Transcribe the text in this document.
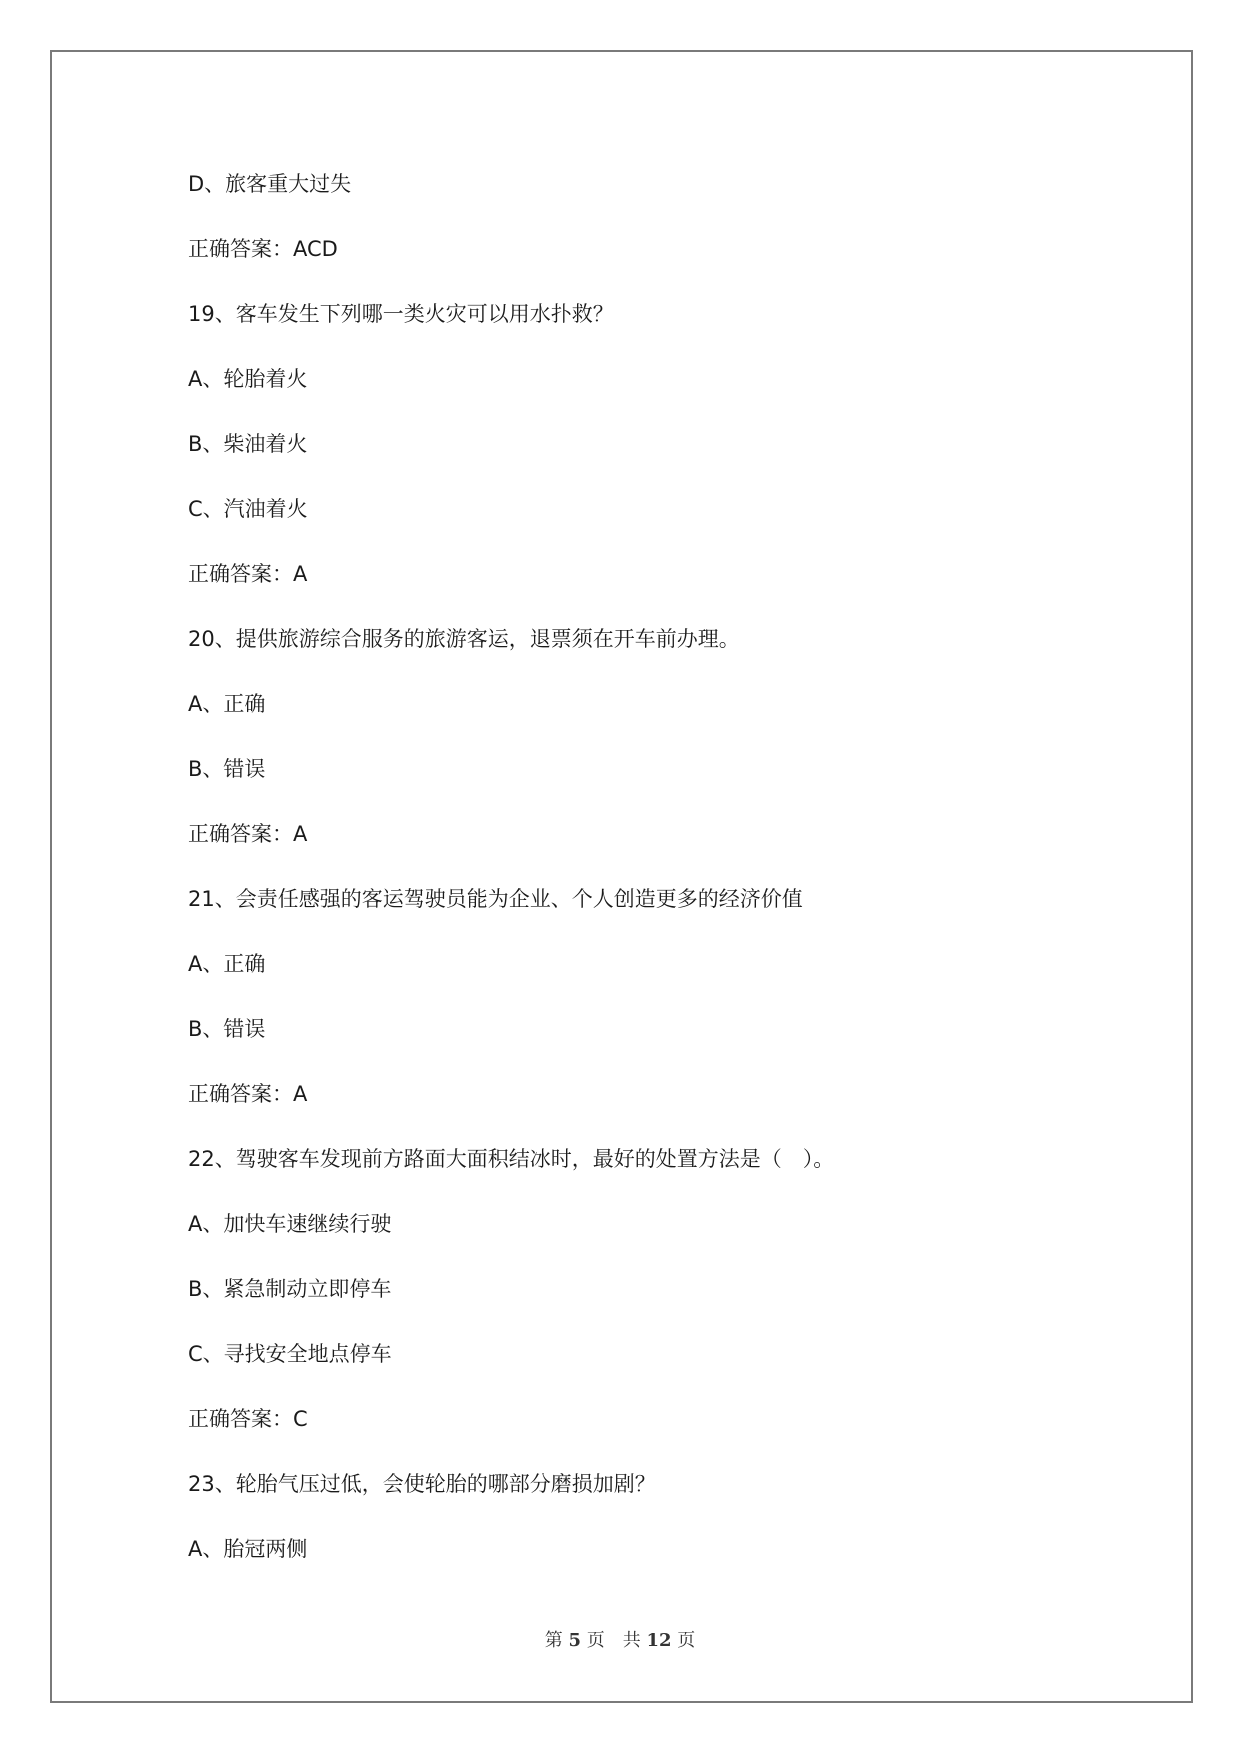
D、旅客重大过失
正确答案：ACD
19、客车发生下列哪一类火灾可以用水扑救？
A、轮胎着火
B、柴油着火
C、汽油着火
正确答案：A
20、提供旅游综合服务的旅游客运，退票须在开车前办理。
A、正确
B、错误
正确答案：A
21、会责任感强的客运驾驶员能为企业、个人创造更多的经济价值
A、正确
B、错误
正确答案：A
22、驾驶客车发现前方路面大面积结冰时，最好的处置方法是（　）。
A、加快车速继续行驶
B、紧急制动立即停车
C、寻找安全地点停车
正确答案：C
23、轮胎气压过低，会使轮胎的哪部分磨损加剧？
A、胎冠两侧
第 5 页　共 12 页
